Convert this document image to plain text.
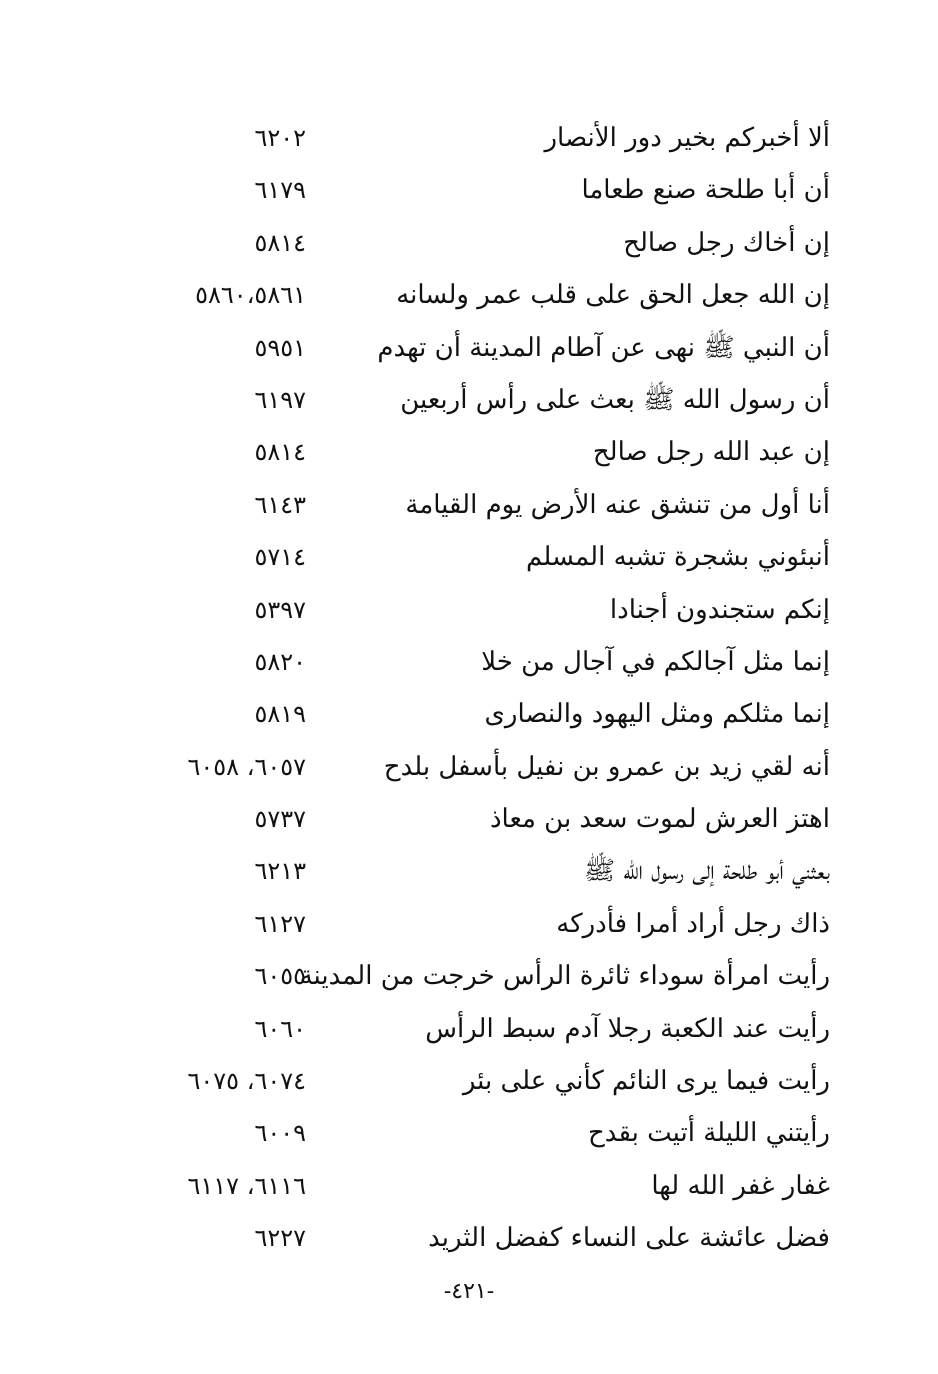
ألا أخبركم بخير دور الأنصار
٦٢٠٢
أن أبا طلحة صنع طعاما
٦١٧٩
إن أخاك رجل صالح
٥٨١٤
إن الله جعل الحق على قلب عمر ولسانه
٥٨٦٠،٥٨٦١
أن النبي ﷺ نهى عن آطام المدينة أن تهدم
٥٩٥١
أن رسول الله ﷺ بعث على رأس أربعين
٦١٩٧
إن عبد الله رجل صالح
٥٨١٤
أنا أول من تنشق عنه الأرض يوم القيامة
٦١٤٣
أنبئوني بشجرة تشبه المسلم
٥٧١٤
إنكم ستجندون أجنادا
٥٣٩٧
إنما مثل آجالكم في آجال من خلا
٥٨٢٠
إنما مثلكم ومثل اليهود والنصارى
٥٨١٩
أنه لقي زيد بن عمرو بن نفيل بأسفل بلدح
٦٠٥٧، ٦٠٥٨
اهتز العرش لموت سعد بن معاذ
٥٧٣٧
بعثني أبو طلحة إلى رسول الله ﷺ
٦٢١٣
ذاك رجل أراد أمرا فأدركه
٦١٢٧
رأيت امرأة سوداء ثائرة الرأس خرجت من المدينة
٦٠٥٥
رأيت عند الكعبة رجلا آدم سبط الرأس
٦٠٦٠
رأيت فيما يرى النائم كأني على بئر
٦٠٧٤، ٦٠٧٥
رأيتني الليلة أتيت بقدح
٦٠٠٩
غفار غفر الله لها
٦١١٦، ٦١١٧
فضل عائشة على النساء كفضل الثريد
٦٢٢٧
-٤٢١-
